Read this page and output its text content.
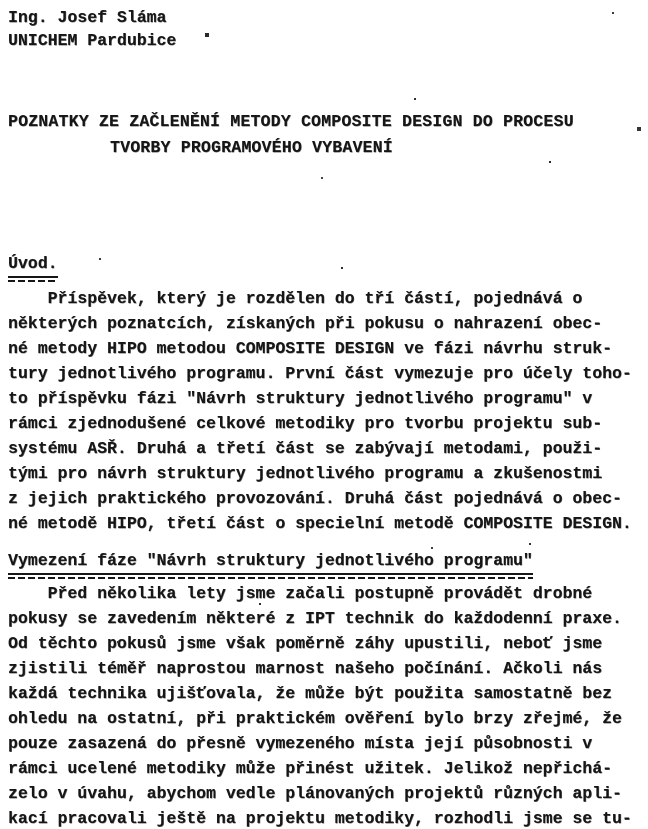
Ing. Josef Sláma
UNICHEM Pardubice
POZNATKY ZE ZAČLENĚNÍ METODY COMPOSITE DESIGN DO PROCESU
TVORBY PROGRAMOVÉHO VYBAVENÍ
Úvod.
Příspěvek, který je rozdělen do tří částí, pojednává o
některých poznatcích, získaných při pokusu o nahrazení obec-
né metody HIPO metodou COMPOSITE DESIGN ve fázi návrhu struk-
tury jednotlivého programu. První část vymezuje pro účely toho-
to příspěvku fázi "Návrh struktury jednotlivého programu" v
rámci zjednodušené celkové metodiky pro tvorbu projektu sub-
systému ASŘ. Druhá a třetí část se zabývají metodami, použi-
tými pro návrh struktury jednotlivého programu a zkušenostmi
z jejich praktického provozování. Druhá část pojednává o obec-
né metodě HIPO, třetí část o specielní metodě COMPOSITE DESIGN.
Vymezení fáze "Návrh struktury jednotlivého programu"
Před několika lety jsme začali postupně provádět drobné
pokusy se zavedením některé z IPT technik do každodenní praxe.
Od těchto pokusů jsme však poměrně záhy upustili, neboť jsme
zjistili téměř naprostou marnost našeho počínání. Ačkoli nás
každá technika ujišťovala, že může být použita samostatně bez
ohledu na ostatní, při praktickém ověření bylo brzy zřejmé, že
pouze zasazená do přesně vymezeného místa její působnosti v
rámci ucelené metodiky může přinést užitek. Jelikož nepřichá-
zelo v úvahu, abychom vedle plánovaných projektů různých apli-
kací pracovali ještě na projektu metodiky, rozhodli jsme se tu-
